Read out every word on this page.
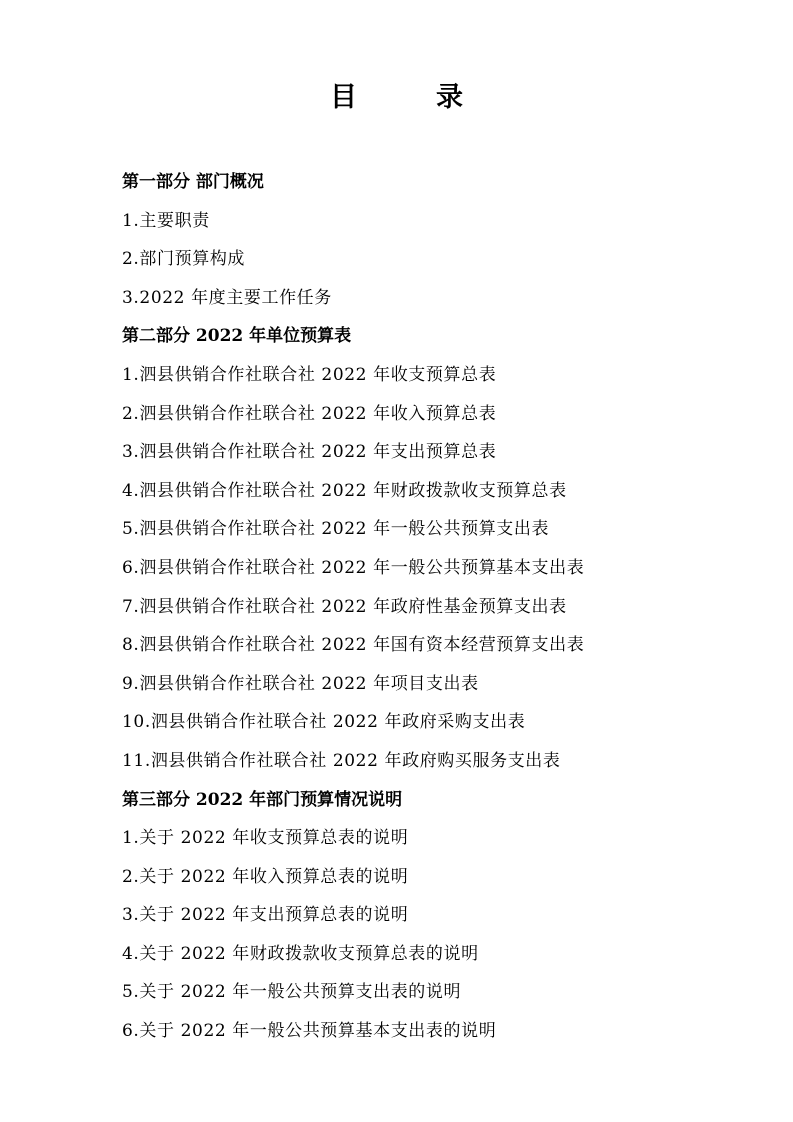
目　录
第一部分 部门概况
1.主要职责
2.部门预算构成
3.2022 年度主要工作任务
第二部分 2022 年单位预算表
1.泗县供销合作社联合社 2022 年收支预算总表
2.泗县供销合作社联合社 2022 年收入预算总表
3.泗县供销合作社联合社 2022 年支出预算总表
4.泗县供销合作社联合社 2022 年财政拨款收支预算总表
5.泗县供销合作社联合社 2022 年一般公共预算支出表
6.泗县供销合作社联合社 2022 年一般公共预算基本支出表
7.泗县供销合作社联合社 2022 年政府性基金预算支出表
8.泗县供销合作社联合社 2022 年国有资本经营预算支出表
9.泗县供销合作社联合社 2022 年项目支出表
10.泗县供销合作社联合社 2022 年政府采购支出表
11.泗县供销合作社联合社 2022 年政府购买服务支出表
第三部分 2022 年部门预算情况说明
1.关于 2022 年收支预算总表的说明
2.关于 2022 年收入预算总表的说明
3.关于 2022 年支出预算总表的说明
4.关于 2022 年财政拨款收支预算总表的说明
5.关于 2022 年一般公共预算支出表的说明
6.关于 2022 年一般公共预算基本支出表的说明
